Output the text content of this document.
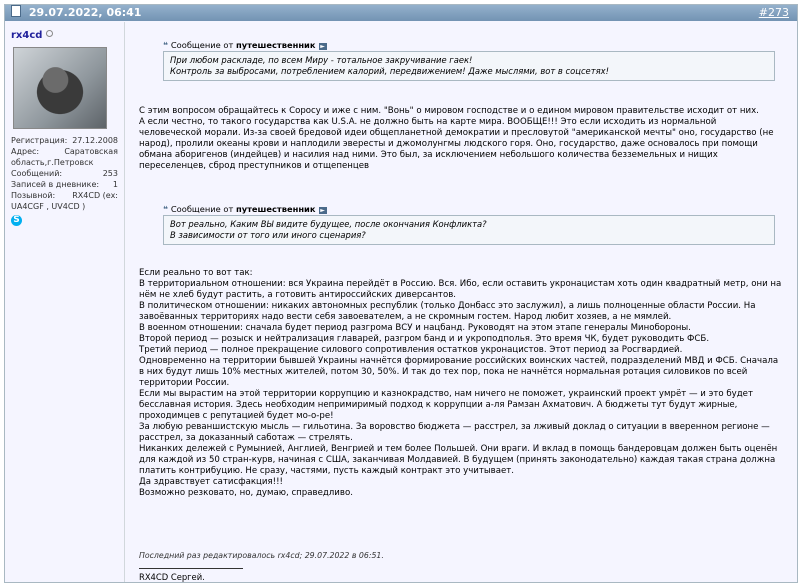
29.07.2022, 06:41	#273
rx4cd
Регистрация: 27.12.2008
Адрес:	Саратовская
область,г.Петровск
Сообщений:	253
Записей в дневнике: 1
Позывной: RX4CD (ex:
UA4CGF , UV4CD )
S
❝ Сообщение от путешественник ►
При любом раскладе, по всем Миру - тотальное закручивание гаек!
Контроль за выбросами, потреблением калорий, передвижением! Даже мыслями, вот в соцсетях!
С этим вопросом обращайтесь к Соросу и иже с ним. "Вонь" о мировом господстве и о едином мировом правительстве исходит от них.
А если честно, то такого государства как U.S.A. не должно быть на карте мира. ВООБЩЕ!!! Это если исходить из нормальной человеческой морали. Из-за своей бредовой идеи общепланетной демократии и пресловутой "американской мечты" оно, государство (не народ), пролили океаны крови и наплодили эвересты и джомолунгмы людского горя. Оно, государство, даже основалось при помощи обмана аборигенов (индейцев) и насилия над ними. Это был, за исключением небольшого количества безземельных и нищих переселенцев, сброд преступников и отщепенцев
❝ Сообщение от путешественник ►
Вот реально, Каким ВЫ видите будущее, после окончания Конфликта?
В зависимости от того или иного сценария?
Если реально то вот так:
В территориальном отношении: вся Украина перейдёт в Россию. Вся. Ибо, если оставить укронацистам хоть один квадратный метр, они на нём не хлеб будут растить, а готовить антироссийских диверсантов.
В политическом отношении: никаких автономных республик (только Донбасс это заслужил), а лишь полноценные области России. На завоёванных территориях надо вести себя завоевателем, а не скромным гостем. Народ любит хозяев, а не мямлей.
В военном отношении: сначала будет период разгрома ВСУ и нацбанд. Руководят на этом этапе генералы Минобороны.
Второй период — розыск и нейтрализация главарей, разгром банд и и укроподполья. Это время ЧК, будет руководить ФСБ.
Третий период — полное прекращение силового сопротивления остатков укронацистов. Этот период за Росгвардией.
Одновременно на территории бывшей Украины начнётся формирование российских воинских частей, подразделений МВД и ФСБ. Сначала в них будут лишь 10% местных жителей, потом 30, 50%. И так до тех пор, пока не начнётся нормальная ротация силовиков по всей территории России.
Если мы вырастим на этой территории коррупцию и казнокрадство, нам ничего не поможет, украинский проект умрёт — и это будет бесславная история. Здесь необходим непримиримый подход к коррупции а-ля Рамзан Ахматович. А бюджеты тут будут жирные, проходимцев с репутацией будет мо-о-ре!
За любую реваншистскую мысль — гильотина. За воровство бюджета — расстрел, за лживый доклад о ситуации в вверенном регионе — расстрел, за доказанный саботаж — стрелять.
Никанких дележей с Румынией, Англией, Венгрией и тем более Польшей. Они враги. И вклад в помощь бандеровцам должен быть оценён для каждой из 50 стран-курв, начиная с США, заканчивая Молдавией. В будущем (принять законодательно) каждая такая страна должна платить контрибуцию. Не сразу, частями, пусть каждый контракт это учитывает.
Да здравствует сатисфакция!!!
Возможно резковато, но, думаю, справедливо.
Последний раз редактировалось rx4cd; 29.07.2022 в 06:51.
RX4CD Сергей.
